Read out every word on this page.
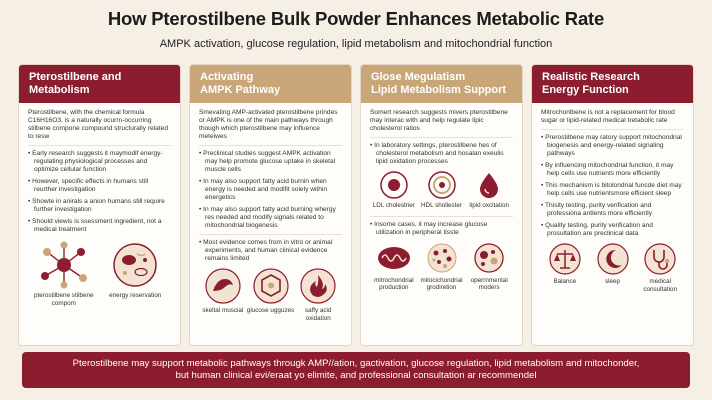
How Pterostilbene Bulk Powder Enhances Metabolic Rate
AMPK activation, glucose regulation, lipid metabolism and mitochondrial function
Pterostilbene and
Metabolism

Pterostilbene, with the chemical formula C16H16O3, is a naturally ocurrn-occurring stilbene compone compound structurally related to resw

• Early research suggests it maymodif energy-regulating physiological processes and optimize cellular function
• However, specific effects in humans still reurther investigation
• Showte in anirals a anion humans still require further investigation
• Should viewis is ssessment ingredient, not a medical treatment
pterostilbene stilbene compom
energy reservation
Activating
AMPK Pathway

Smevating AMP-activated pterostilbene prindes or AMPK is one of the main pathways through though which pterostilbene may influence meteiwes

• Preclinical studies suggest AMPK activation may help promote glucose uptake in skeletal muscle cells
• In may also support fatty acid burnin when energy is needed and modifit solely within energetics
• In may also support fatty acid burning whergy res needed and modify signals related to mitochondrial biogenesis
• Most evidence comes from in vitro or animal experiments, and human clinical evidence remains limited
skeltal muscial glucose ugguzes	saffy acid oxidation
Glose Megulatism
Lipid Metabolism Support

Somert research suggests mivers pterostilbene may interac with and help regulate lipic cholesterol ratios

• In laboratory settings, pterostilbene hes of cholesterol metabolism and hosalan exeulis lipid oxidation processes
LDL cholestrier HDL shollester lipid oxcitation
• Insome cases, it may increase glucose utilization in peripheral tisste
mitrochondrial production
mitocichondrial grodiretion
operrnmental moders
Realistic Research
Energy Function

Mitrochonlbene is not a replacement for blood sugar or lipid-related medical tretabolic rate

• Prerostilbene may ratory support mitochondrial biogenesis and energy-related signaling pathways
• By influencing mitochondrial function, it may help cells use nutrients more efficiently
• This mechanism is bitolondrial funcde diet may help cells use nutrientsmore efficient sleep
• Thisity testing, purity verification and professiona antlents more efficiently
• Quality testing, purity verification and prosultation are preclinical data
Balance	sleep	medical consultation
Pterostilbene may support metabolic pathways througk AMP//ation, gactivation, glucose regulation, lipid metabolism and mitochonder,
but human clinical evi/eraat yo elimite, and professional consultation ar recommendel
